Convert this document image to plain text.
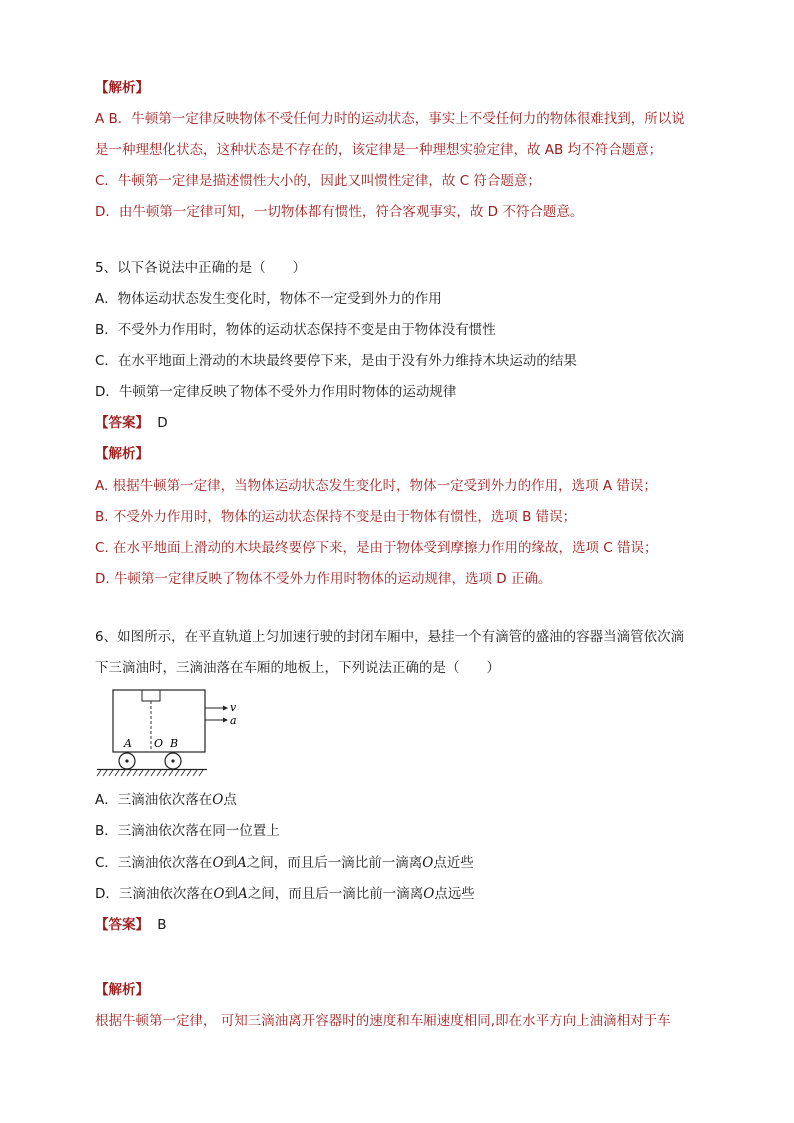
【解析】
A B．牛顿第一定律反映物体不受任何力时的运动状态，事实上不受任何力的物体很难找到，所以说
是一种理想化状态，这种状态是不存在的，该定律是一种理想实验定律，故 AB 均不符合题意；
C．牛顿第一定律是描述惯性大小的，因此又叫惯性定律，故 C 符合题意；
D．由牛顿第一定律可知，一切物体都有惯性，符合客观事实，故 D 不符合题意。
5、以下各说法中正确的是（　　）
A．物体运动状态发生变化时，物体不一定受到外力的作用
B．不受外力作用时，物体的运动状态保持不变是由于物体没有惯性
C．在水平地面上滑动的木块最终要停下来，是由于没有外力维持木块运动的结果
D．牛顿第一定律反映了物体不受外力作用时物体的运动规律
【答案】 D
【解析】
A. 根据牛顿第一定律，当物体运动状态发生变化时，物体一定受到外力的作用，选项 A 错误；
B. 不受外力作用时，物体的运动状态保持不变是由于物体有惯性，选项 B 错误；
C. 在水平地面上滑动的木块最终要停下来，是由于物体受到摩擦力作用的缘故，选项 C 错误；
D. 牛顿第一定律反映了物体不受外力作用时物体的运动规律，选项 D 正确。
6、如图所示，在平直轨道上匀加速行驶的封闭车厢中，悬挂一个有滴管的盛油的容器当滴管依次滴
下三滴油时，三滴油落在车厢的地板上，下列说法正确的是（　　）
v
a
A O B
A．三滴油依次落在O点
B．三滴油依次落在同一位置上
C．三滴油依次落在O到A之间，而且后一滴比前一滴离O点近些
D．三滴油依次落在O到A之间，而且后一滴比前一滴离O点远些
【答案】 B
【解析】
根据牛顿第一定律， 可知三滴油离开容器时的速度和车厢速度相同,即在水平方向上油滴相对于车
